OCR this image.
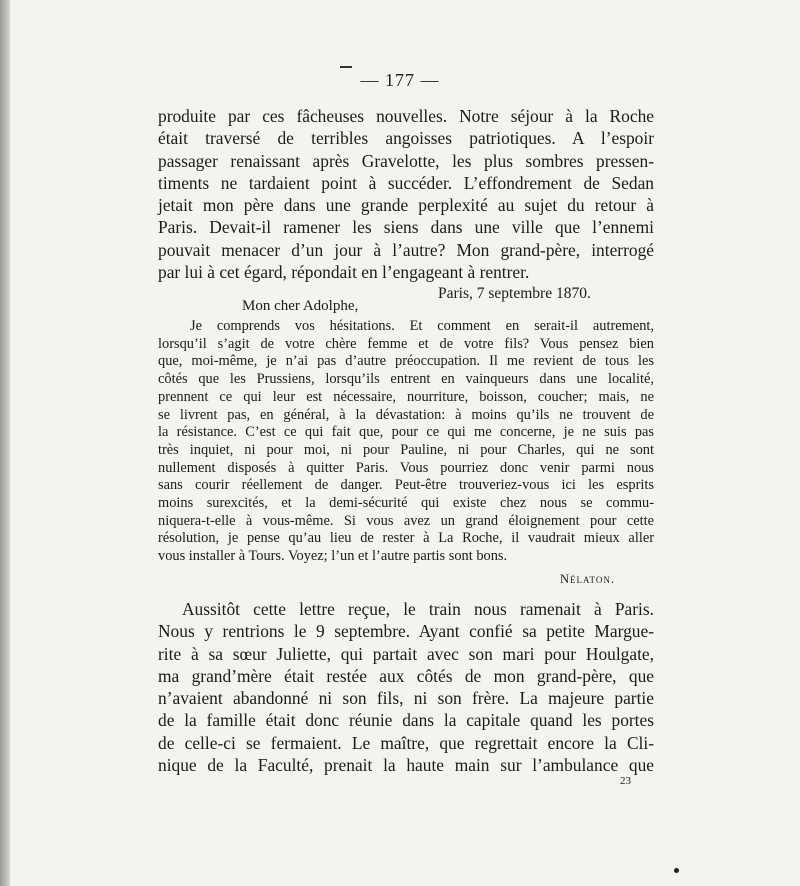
— 177 —

produite par ces fâcheuses nouvelles. Notre séjour à la Roche
était traversé de terribles angoisses patriotiques. A l’espoir
passager renaissant après Gravelotte, les plus sombres pressen-
timents ne tardaient point à succéder. L’effondrement de Sedan
jetait mon père dans une grande perplexité au sujet du retour à
Paris. Devait-il ramener les siens dans une ville que l’ennemi
pouvait menacer d’un jour à l’autre? Mon grand-père, interrogé
par lui à cet égard, répondait en l’engageant à rentrer.

Paris, 7 septembre 1870.
Mon cher Adolphe,

Je comprends vos hésitations. Et comment en serait-il autrement,
lorsqu’il s’agit de votre chère femme et de votre fils? Vous pensez bien
que, moi-même, je n’ai pas d’autre préoccupation. Il me revient de tous les
côtés que les Prussiens, lorsqu’ils entrent en vainqueurs dans une localité,
prennent ce qui leur est nécessaire, nourriture, boisson, coucher; mais, ne
se livrent pas, en général, à la dévastation: à moins qu’ils ne trouvent de
la résistance. C’est ce qui fait que, pour ce qui me concerne, je ne suis pas
très inquiet, ni pour moi, ni pour Pauline, ni pour Charles, qui ne sont
nullement disposés à quitter Paris. Vous pourriez donc venir parmi nous
sans courir réellement de danger. Peut-être trouveriez-vous ici les esprits
moins surexcités, et la demi-sécurité qui existe chez nous se commu-
niquera-t-elle à vous-même. Si vous avez un grand éloignement pour cette
résolution, je pense qu’au lieu de rester à La Roche, il vaudrait mieux aller
vous installer à Tours. Voyez; l’un et l’autre partis sont bons.

Nélaton.

Aussitôt cette lettre reçue, le train nous ramenait à Paris.
Nous y rentrions le 9 septembre. Ayant confié sa petite Margue-
rite à sa sœur Juliette, qui partait avec son mari pour Houlgate,
ma grand’mère était restée aux côtés de mon grand-père, que
n’avaient abandonné ni son fils, ni son frère. La majeure partie
de la famille était donc réunie dans la capitale quand les portes
de celle-ci se fermaient. Le maître, que regrettait encore la Cli-
nique de la Faculté, prenait la haute main sur l’ambulance que

23
